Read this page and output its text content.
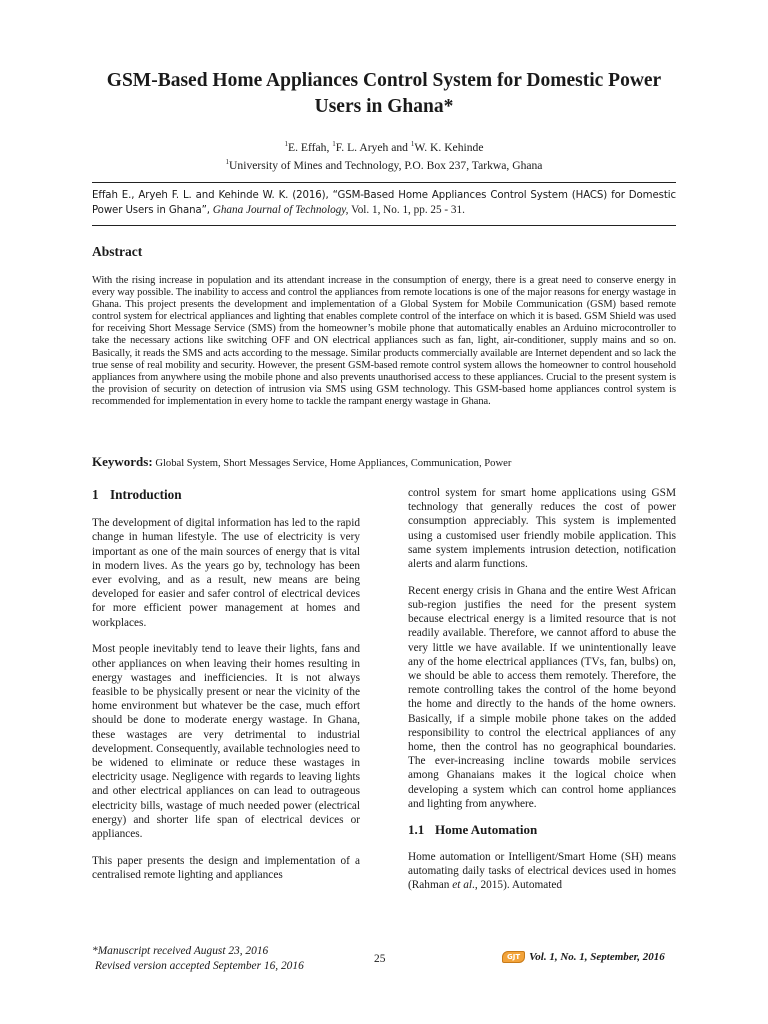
GSM-Based Home Appliances Control System for Domestic Power Users in Ghana*
$^1$E. Effah, $^1$F. L. Aryeh and $^1$W. K. Kehinde
$^1$University of Mines and Technology, P.O. Box 237, Tarkwa, Ghana
Effah E., Aryeh F. L. and Kehinde W. K. (2016), “GSM-Based Home Appliances Control System (HACS) for Domestic Power Users in Ghana”, Ghana Journal of Technology, Vol. 1, No. 1, pp. 25 - 31.
Abstract
With the rising increase in population and its attendant increase in the consumption of energy, there is a great need to conserve energy in every way possible. The inability to access and control the appliances from remote locations is one of the major reasons for energy wastage in Ghana. This project presents the development and implementation of a Global System for Mobile Communication (GSM) based remote control system for electrical appliances and lighting that enables complete control of the interface on which it is based. GSM Shield was used for receiving Short Message Service (SMS) from the homeowner’s mobile phone that automatically enables an Arduino microcontroller to take the necessary actions like switching OFF and ON electrical appliances such as fan, light, air-conditioner, supply mains and so on. Basically, it reads the SMS and acts according to the message. Similar products commercially available are Internet dependent and so lack the true sense of real mobility and security. However, the present GSM-based remote control system allows the homeowner to control household appliances from anywhere using the mobile phone and also prevents unauthorised access to these appliances. Crucial to the present system is the provision of security on detection of intrusion via SMS using GSM technology. This GSM-based home appliances control system is recommended for implementation in every home to tackle the rampant energy wastage in Ghana.
Keywords: Global System, Short Messages Service, Home Appliances, Communication, Power
1 Introduction

The development of digital information has led to the rapid change in human lifestyle. The use of electricity is very important as one of the main sources of energy that is vital in modern lives. As the years go by, technology has been ever evolving, and as a result, new means are being developed for easier and safer control of electrical devices for more efficient power management at homes and workplaces.

Most people inevitably tend to leave their lights, fans and other appliances on when leaving their homes resulting in energy wastages and inefficiencies. It is not always feasible to be physically present or near the vicinity of the home environment but whatever be the case, much effort should be done to moderate energy wastage. In Ghana, these wastages are very detrimental to industrial development. Consequently, available technologies need to be widened to eliminate or reduce these wastages in electricity usage. Negligence with regards to leaving lights and other electrical appliances on can lead to outrageous electricity bills, wastage of much needed power (electrical energy) and shorter life span of electrical devices or appliances.

This paper presents the design and implementation of a centralised remote lighting and appliances

control system for smart home applications using GSM technology that generally reduces the cost of power consumption appreciably. This system is implemented using a customised user friendly mobile application. This same system implements intrusion detection, notification alerts and alarm functions.

Recent energy crisis in Ghana and the entire West African sub-region justifies the need for the present system because electrical energy is a limited resource that is not readily available. Therefore, we cannot afford to abuse the very little we have available. If we unintentionally leave any of the home electrical appliances (TVs, fan, bulbs) on, we should be able to access them remotely. Therefore, the remote controlling takes the control of the home beyond the home and directly to the hands of the home owners. Basically, if a simple mobile phone takes on the added responsibility to control the electrical appliances of any home, then the control has no geographical boundaries. The ever-increasing incline towards mobile services among Ghanaians makes it the logical choice when developing a system which can control home appliances and lighting from anywhere.

1.1 Home Automation

Home automation or Intelligent/Smart Home (SH) means automating daily tasks of electrical devices used in homes (Rahman et al., 2015). Automated

*Manuscript received August 23, 2016
Revised version accepted September 16, 2016
25	GJT Vol . 1, No. 1, September, 2016
